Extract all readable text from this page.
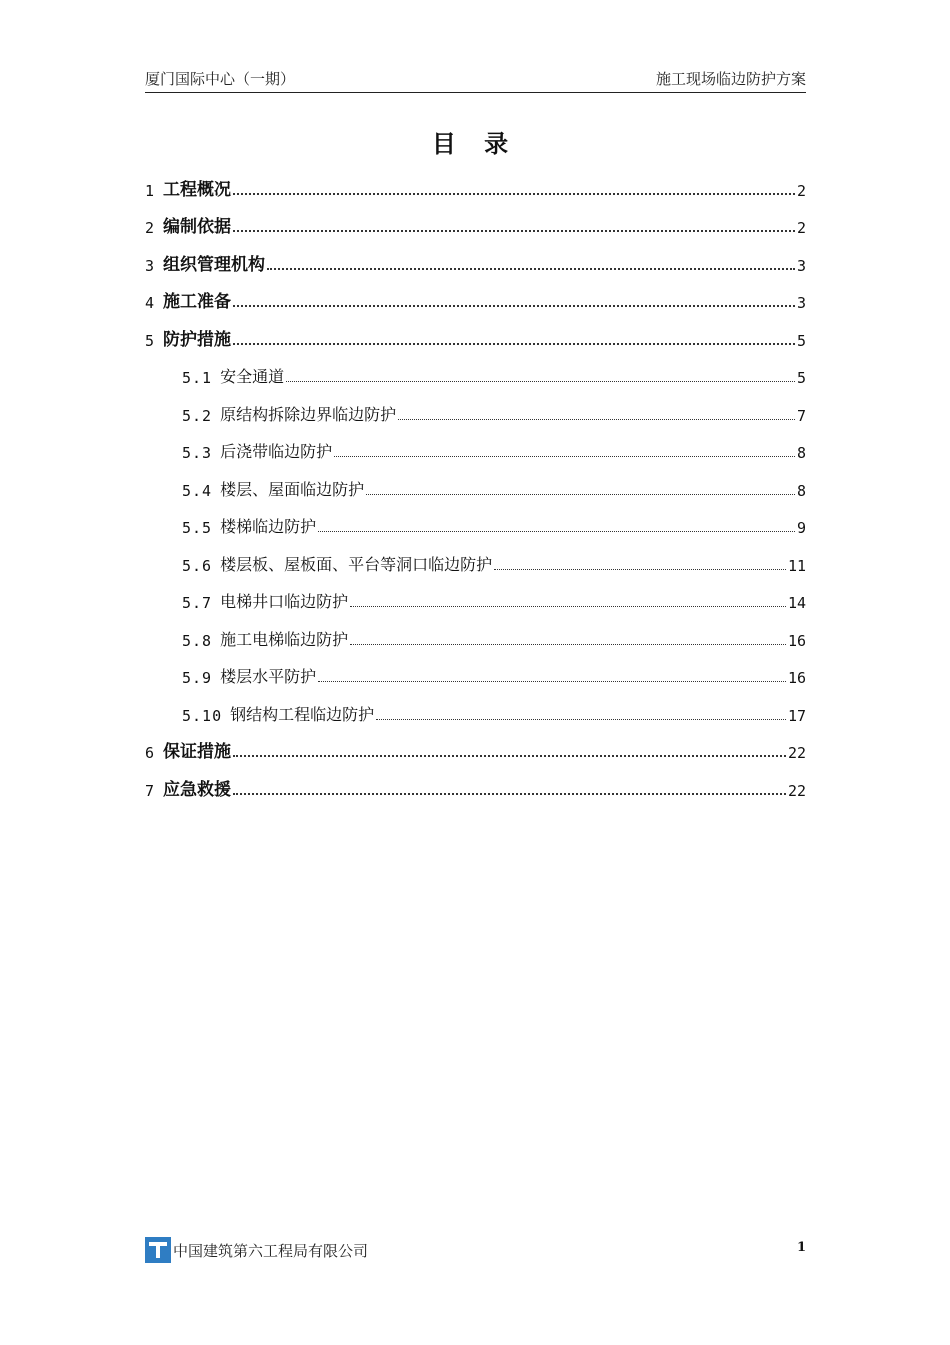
厦门国际中心（一期）	施工现场临边防护方案
目 录
1 工程概况	2
2 编制依据	2
3 组织管理机构	3
4 施工准备	3
5 防护措施	5
5.1 安全通道	5
5.2 原结构拆除边界临边防护	7
5.3 后浇带临边防护	8
5.4 楼层、屋面临边防护	8
5.5 楼梯临边防护	9
5.6 楼层板、屋板面、平台等洞口临边防护	11
5.7 电梯井口临边防护	14
5.8 施工电梯临边防护	16
5.9 楼层水平防护	16
5.10 钢结构工程临边防护	17
6 保证措施	22
7 应急救援	22
中国建筑第六工程局有限公司	1
